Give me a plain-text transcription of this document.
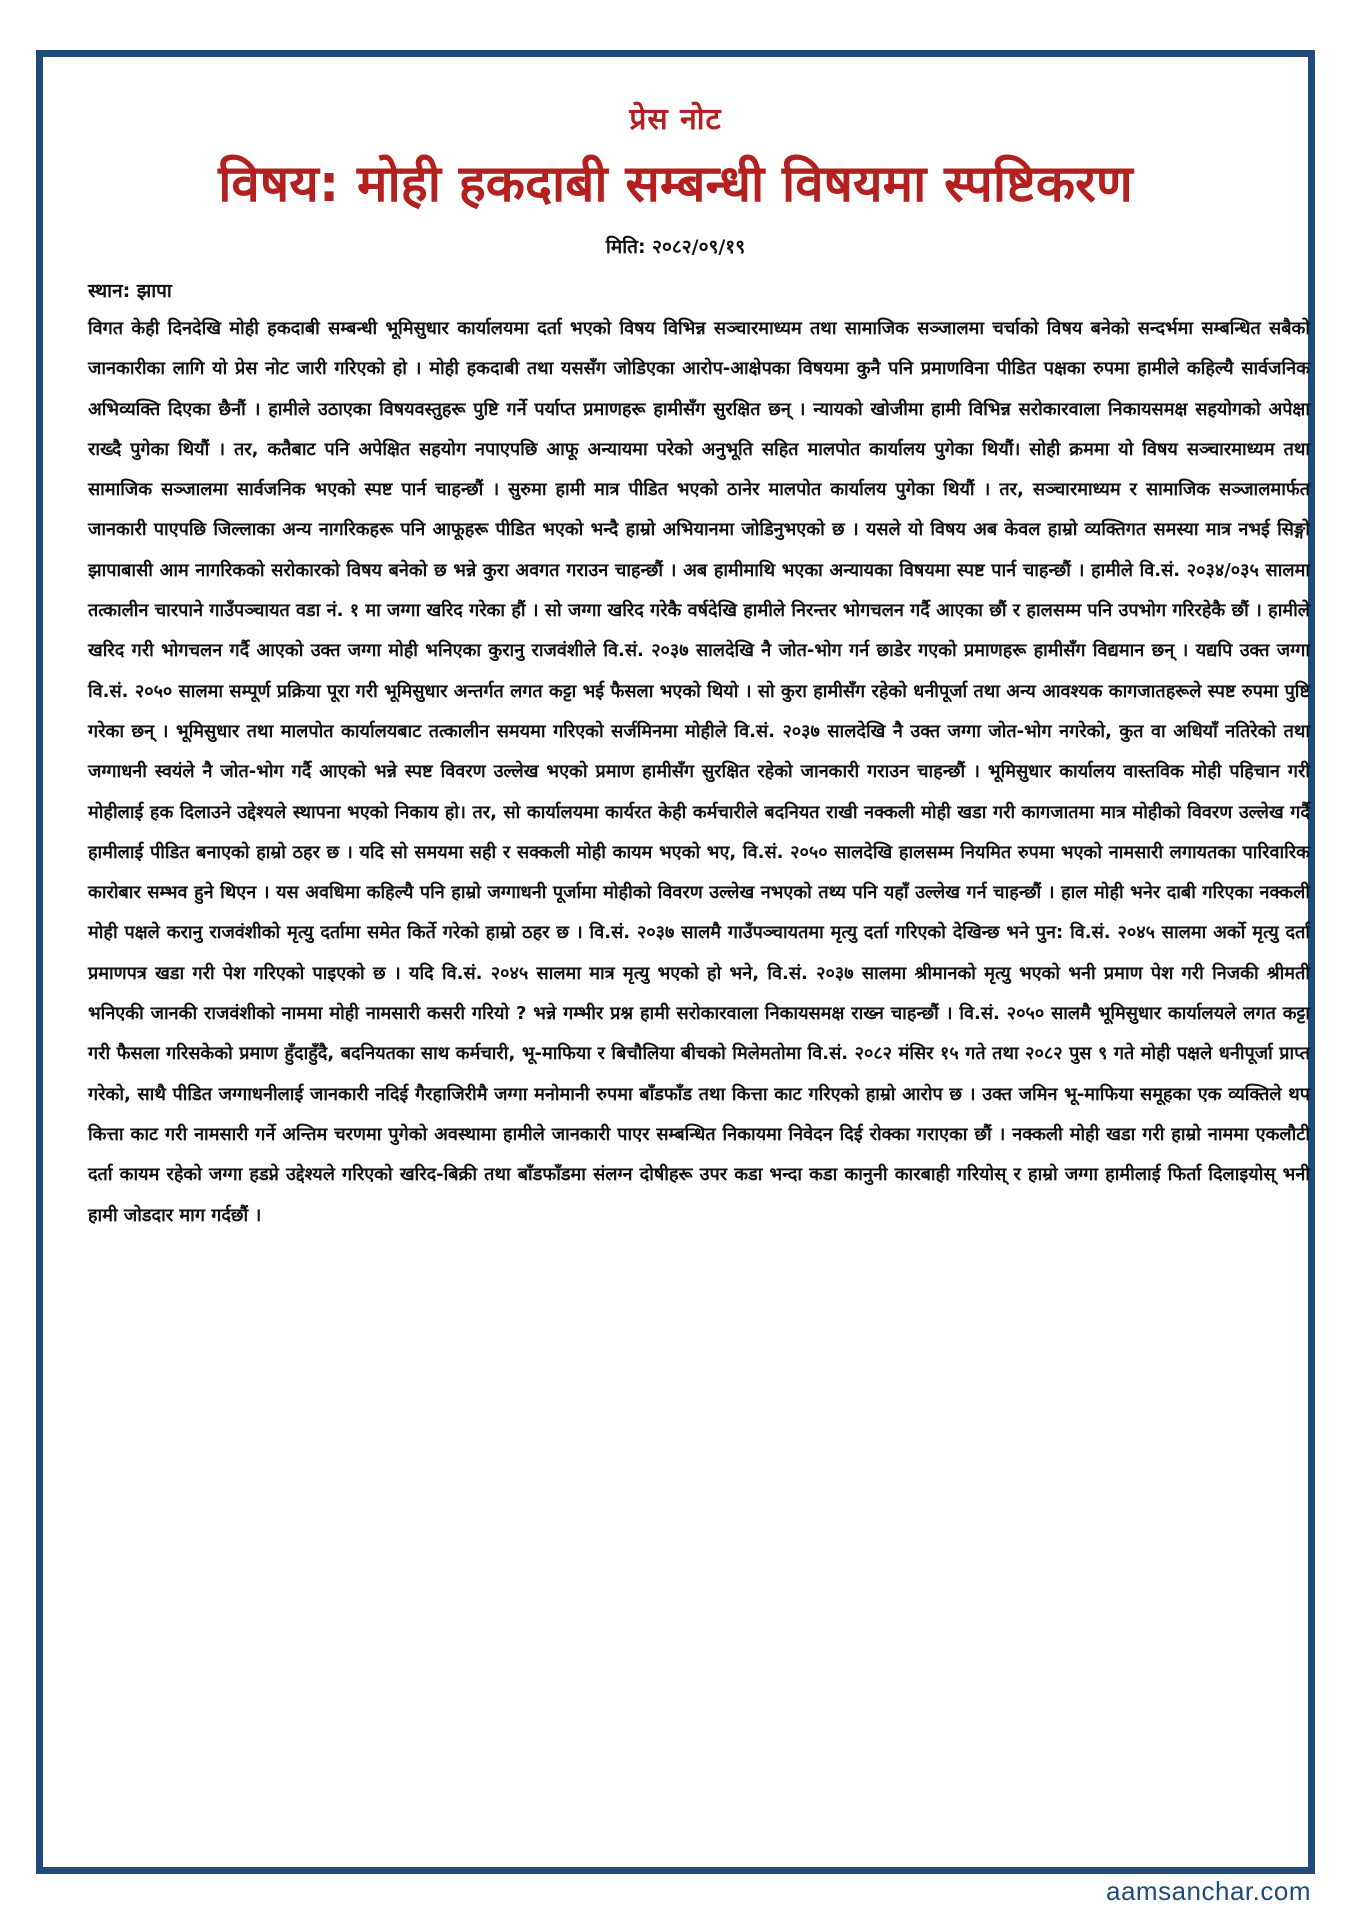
प्रेस नोट
विषय: मोही हकदाबी सम्बन्धी विषयमा स्पष्टिकरण
मिति: २०८२/०९/१९
स्थान: झापा

विगत केही दिनदेखि मोही हकदाबी सम्बन्धी भूमिसुधार कार्यालयमा दर्ता भएको विषय विभिन्न सञ्चारमाध्यम तथा सामाजिक सञ्जालमा चर्चाको विषय बनेको सन्दर्भमा सम्बन्धित सबैको जानकारीका लागि यो प्रेस नोट जारी गरिएको हो । मोही हकदाबी तथा यससँग जोडिएका आरोप-आक्षेपका विषयमा कुनै पनि प्रमाणविना पीडित पक्षका रुपमा हामीले कहिल्यै सार्वजनिक अभिव्यक्ति दिएका छैनौं । हामीले उठाएका विषयवस्तुहरू पुष्टि गर्ने पर्याप्त प्रमाणहरू हामीसँग सुरक्षित छन् । न्यायको खोजीमा हामी विभिन्न सरोकारवाला निकायसमक्ष सहयोगको अपेक्षा राख्दै पुगेका थियौं । तर, कतैबाट पनि अपेक्षित सहयोग नपाएपछि आफू अन्यायमा परेको अनुभूति सहित मालपोत कार्यालय पुगेका थियौं। सोही क्रममा यो विषय सञ्चारमाध्यम तथा सामाजिक सञ्जालमा सार्वजनिक भएको स्पष्ट पार्न चाहन्छौं । सुरुमा हामी मात्र पीडित भएको ठानेर मालपोत कार्यालय पुगेका थियौं । तर, सञ्चारमाध्यम र सामाजिक सञ्जालमार्फत जानकारी पाएपछि जिल्लाका अन्य नागरिकहरू पनि आफूहरू पीडित भएको भन्दै हाम्रो अभियानमा जोडिनुभएको छ । यसले यो विषय अब केवल हाम्रो व्यक्तिगत समस्या मात्र नभई सिङ्गो झापाबासी आम नागरिकको सरोकारको विषय बनेको छ भन्ने कुरा अवगत गराउन चाहन्छौं । अब हामीमाथि भएका अन्यायका विषयमा स्पष्ट पार्न चाहन्छौं । हामीले वि.सं. २०३४/०३५ सालमा तत्कालीन चारपाने गाउँपञ्चायत वडा नं. १ मा जग्गा खरिद गरेका हौं । सो जग्गा खरिद गरेकै वर्षदेखि हामीले निरन्तर भोगचलन गर्दै आएका छौं र हालसम्म पनि उपभोग गरिरहेकै छौं । हामीले खरिद गरी भोगचलन गर्दै आएको उक्त जग्गा मोही भनिएका कुरानु राजवंशीले वि.सं. २०३७ सालदेखि नै जोत-भोग गर्न छाडेर गएको प्रमाणहरू हामीसँग विद्यमान छन् । यद्यपि उक्त जग्गा वि.सं. २०५० सालमा सम्पूर्ण प्रक्रिया पूरा गरी भूमिसुधार अन्तर्गत लगत कट्टा भई फैसला भएको थियो । सो कुरा हामीसँग रहेको धनीपूर्जा तथा अन्य आवश्यक कागजातहरूले स्पष्ट रुपमा पुष्टि गरेका छन् । भूमिसुधार तथा मालपोत कार्यालयबाट तत्कालीन समयमा गरिएको सर्जमिनमा मोहीले वि.सं. २०३७ सालदेखि नै उक्त जग्गा जोत-भोग नगरेको, कुत वा अधियाँ नतिरेको तथा जग्गाधनी स्वयंले नै जोत-भोग गर्दै आएको भन्ने स्पष्ट विवरण उल्लेख भएको प्रमाण हामीसँग सुरक्षित रहेको जानकारी गराउन चाहन्छौं । भूमिसुधार कार्यालय वास्तविक मोही पहिचान गरी मोहीलाई हक दिलाउने उद्देश्यले स्थापना भएको निकाय हो। तर, सो कार्यालयमा कार्यरत केही कर्मचारीले बदनियत राखी नक्कली मोही खडा गरी कागजातमा मात्र मोहीको विवरण उल्लेख गर्दै हामीलाई पीडित बनाएको हाम्रो ठहर छ । यदि सो समयमा सही र सक्कली मोही कायम भएको भए, वि.सं. २०५० सालदेखि हालसम्म नियमित रुपमा भएको नामसारी लगायतका पारिवारिक कारोबार सम्भव हुने थिएन । यस अवधिमा कहिल्यै पनि हाम्रो जग्गाधनी पूर्जामा मोहीको विवरण उल्लेख नभएको तथ्य पनि यहाँ उल्लेख गर्न चाहन्छौं । हाल मोही भनेर दाबी गरिएका नक्कली मोही पक्षले करानु राजवंशीको मृत्यु दर्तामा समेत किर्ते गरेको हाम्रो ठहर छ । वि.सं. २०३७ सालमै गाउँपञ्चायतमा मृत्यु दर्ता गरिएको देखिन्छ भने पुन: वि.सं. २०४५ सालमा अर्को मृत्यु दर्ता प्रमाणपत्र खडा गरी पेश गरिएको पाइएको छ । यदि वि.सं. २०४५ सालमा मात्र मृत्यु भएको हो भने, वि.सं. २०३७ सालमा श्रीमानको मृत्यु भएको भनी प्रमाण पेश गरी निजकी श्रीमती भनिएकी जानकी राजवंशीको नाममा मोही नामसारी कसरी गरियो ? भन्ने गम्भीर प्रश्न हामी सरोकारवाला निकायसमक्ष राख्न चाहन्छौं । वि.सं. २०५० सालमै भूमिसुधार कार्यालयले लगत कट्टा गरी फैसला गरिसकेको प्रमाण हुँदाहुँदै, बदनियतका साथ कर्मचारी, भू-माफिया र बिचौलिया बीचको मिलेमतोमा वि.सं. २०८२ मंसिर १५ गते तथा २०८२ पुस ९ गते मोही पक्षले धनीपूर्जा प्राप्त गरेको, साथै पीडित जग्गाधनीलाई जानकारी नदिई गैरहाजिरीमै जग्गा मनोमानी रुपमा बाँडफाँड तथा कित्ता काट गरिएको हाम्रो आरोप छ । उक्त जमिन भू-माफिया समूहका एक व्यक्तिले थप कित्ता काट गरी नामसारी गर्ने अन्तिम चरणमा पुगेको अवस्थामा हामीले जानकारी पाएर सम्बन्धित निकायमा निवेदन दिई रोक्का गराएका छौं । नक्कली मोही खडा गरी हाम्रो नाममा एकलौटी दर्ता कायम रहेको जग्गा हडप्ने उद्देश्यले गरिएको खरिद-बिक्री तथा बाँडफाँडमा संलग्न दोषीहरू उपर कडा भन्दा कडा कानुनी कारबाही गरियोस् र हाम्रो जग्गा हामीलाई फिर्ता दिलाइयोस् भनी हामी जोडदार माग गर्दछौं ।

aamsanchar.com
